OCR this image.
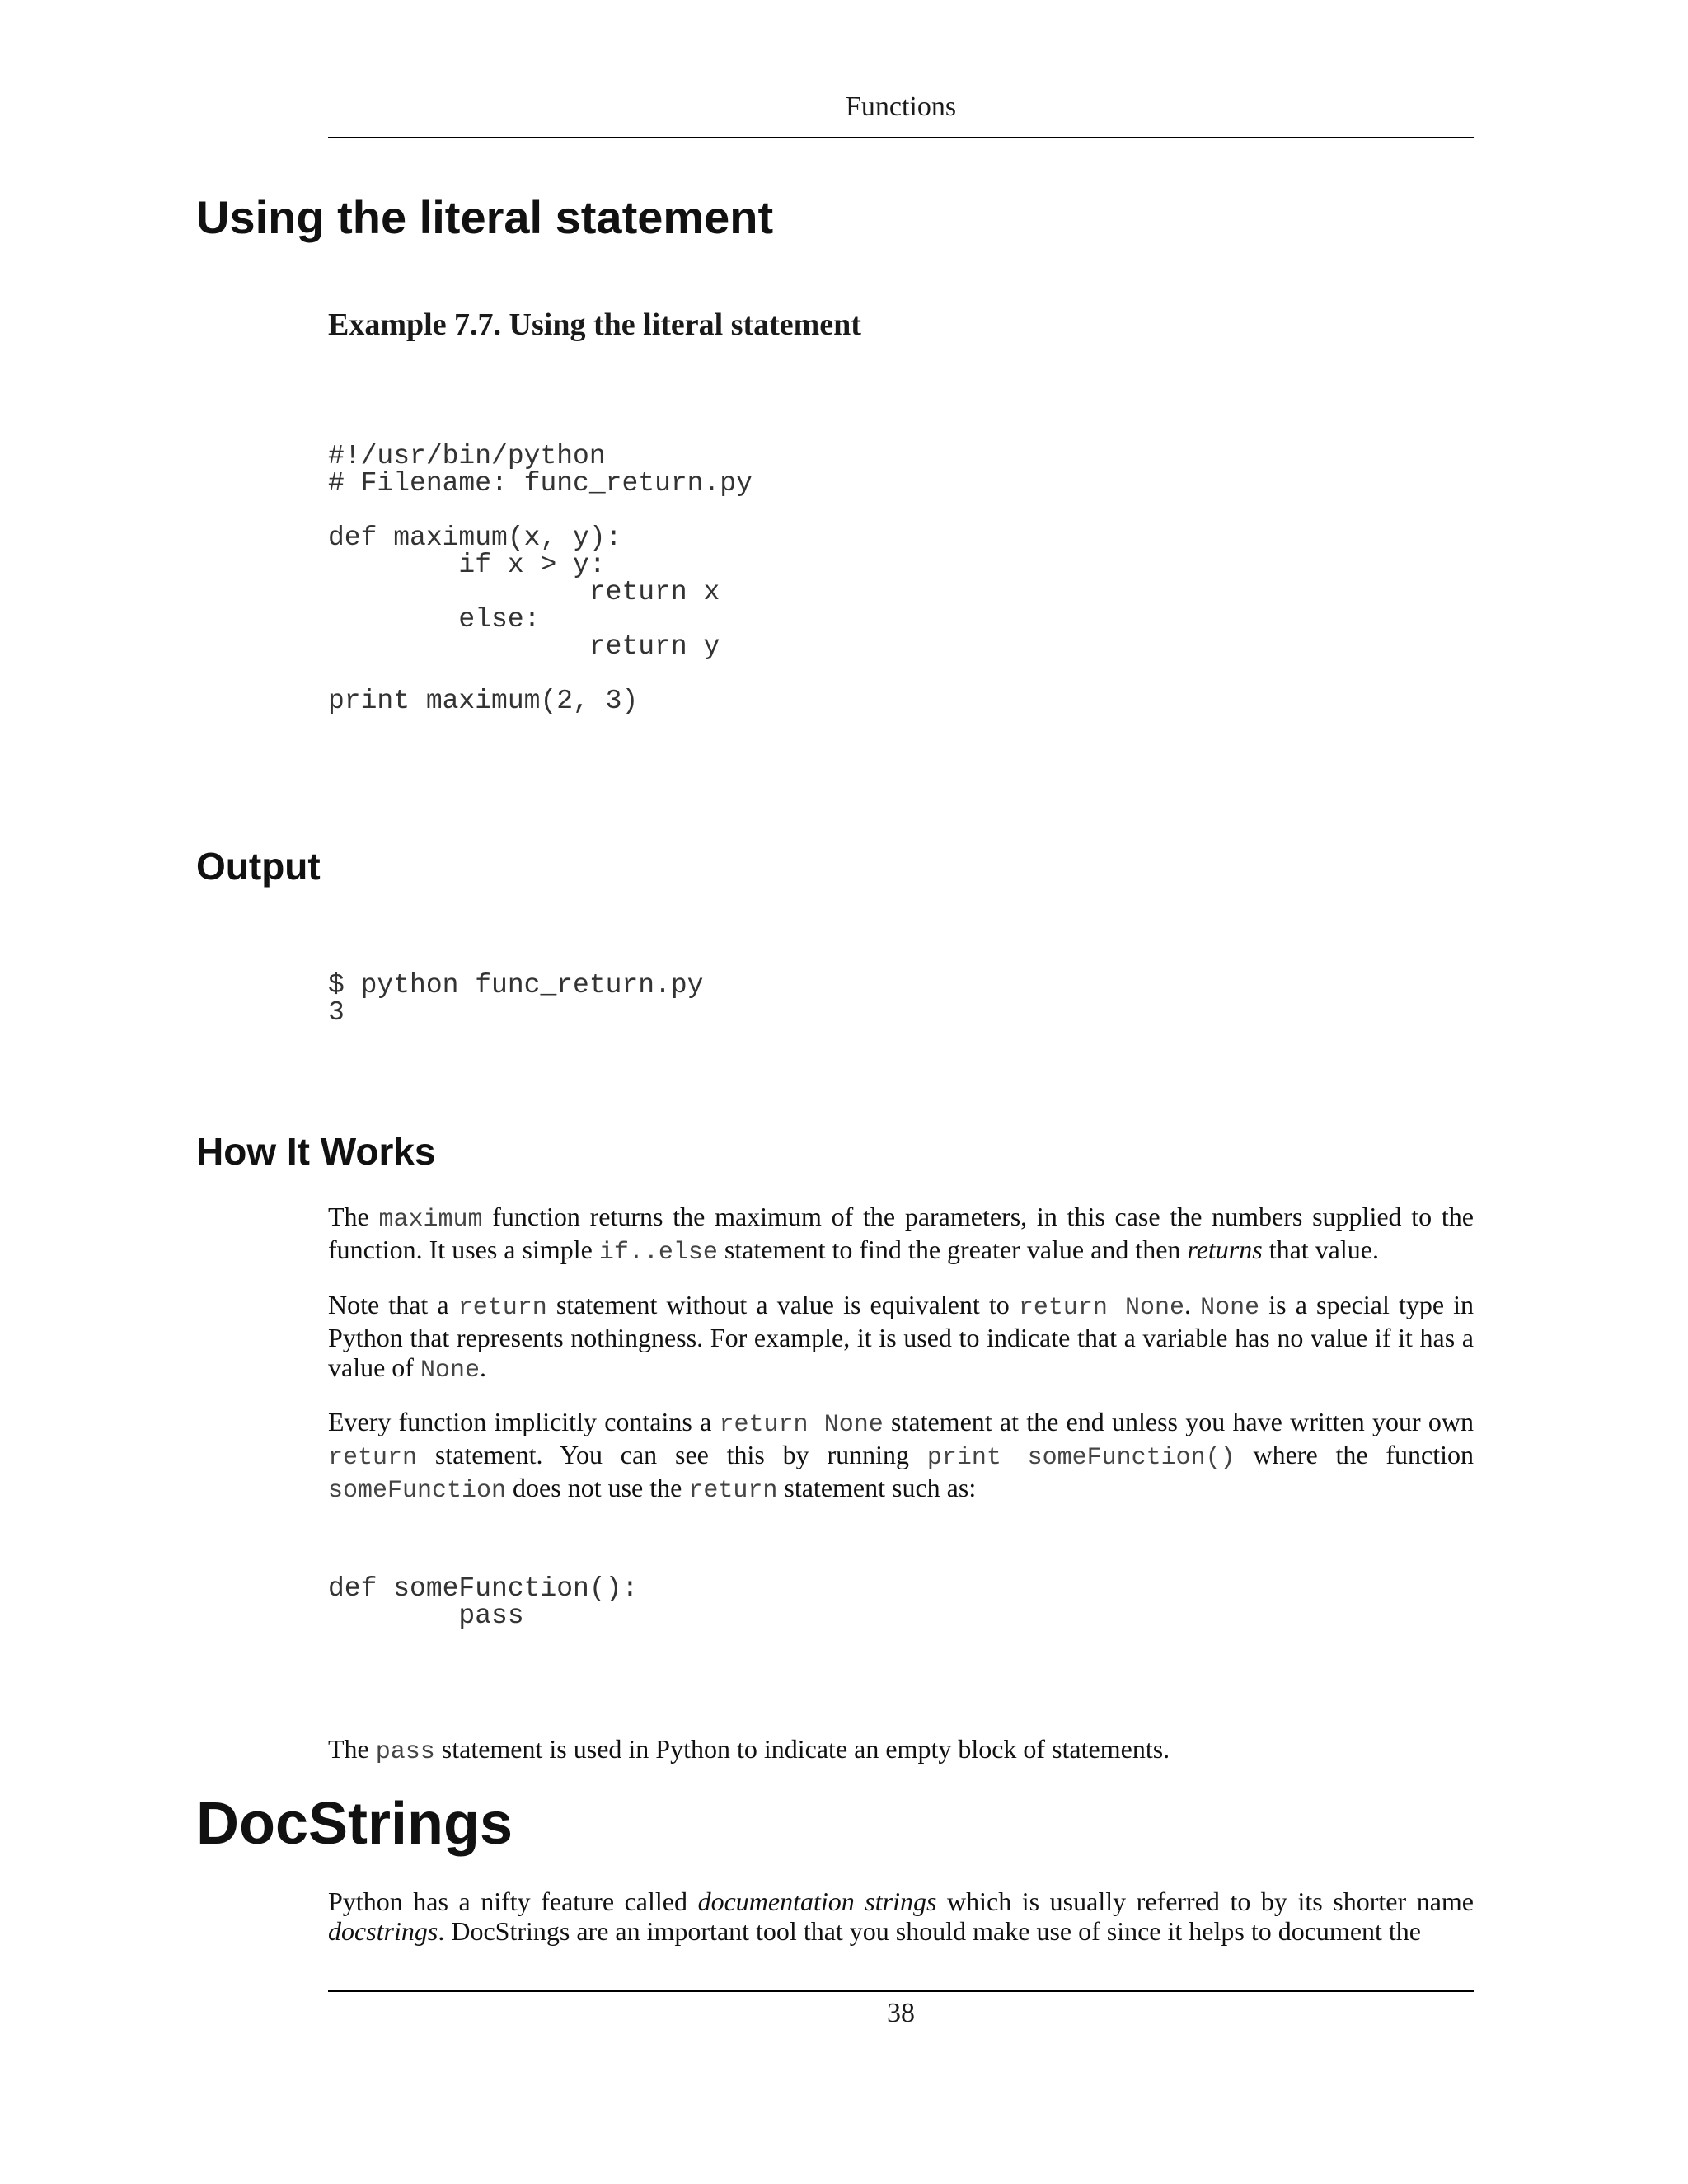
Functions
Using the literal statement
Example 7.7. Using the literal statement
#!/usr/bin/python
# Filename: func_return.py

def maximum(x, y):
if x > y:
return x
else:
return y

print maximum(2, 3)
Output
$ python func_return.py
3
How It Works

The maximum function returns the maximum of the parameters, in this case the numbers supplied to the function. It uses a simple if..else statement to find the greater value and then returns that value.

Note that a return statement without a value is equivalent to return None. None is a special type in Python that represents nothingness. For example, it is used to indicate that a variable has no value if it has a value of None.

Every function implicitly contains a return None statement at the end unless you have written your own return statement. You can see this by running print someFunction() where the function someFunction does not use the return statement such as:

def someFunction():
pass

The pass statement is used in Python to indicate an empty block of statements.

DocStrings

Python has a nifty feature called documentation strings which is usually referred to by its shorter name docstrings. DocStrings are an important tool that you should make use of since it helps to document the

38
